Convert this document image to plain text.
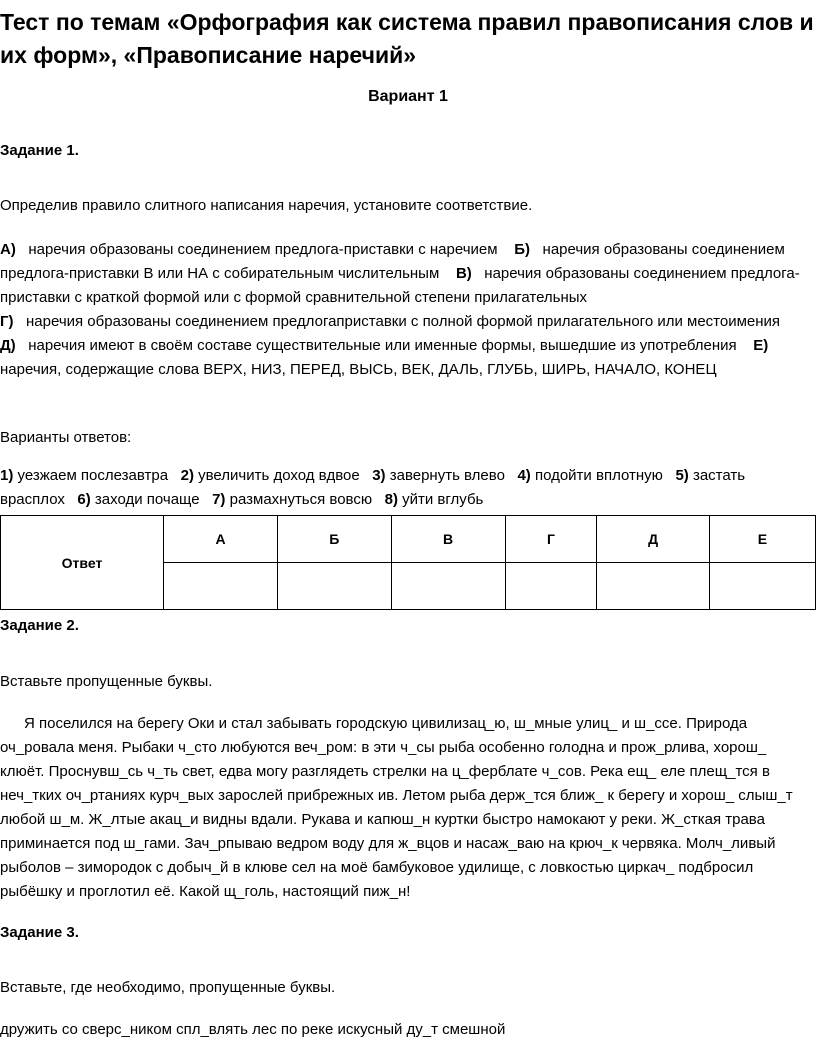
Тест по темам «Орфография как система правил правописания слов и их форм», «Правописание наречий»
Вариант 1
Задание 1.

Определив правило слитного написания наречия, установите соответствие.

А) наречия образованы соединением предлога-приставки с наречием Б) наречия образованы соединением предлога-приставки В или НА с собирательным числительным В) наречия образованы соединением предлога-приставки с краткой формой или с формой сравнительной степени прилагательных
Г) наречия образованы соединением предлогаприставки с полной формой прилагательного или местоимения    Д) наречия имеют в своём составе существительные или именные формы, вышедшие из употребления Е)   наречия, содержащие слова ВЕРХ, НИЗ, ПЕРЕД, ВЫСЬ, ВЕК, ДАЛЬ, ГЛУБЬ, ШИРЬ, НАЧАЛО, КОНЕЦ

Варианты ответов:

1) уезжаем послезавтра 2) увеличить доход вдвое 3) завернуть влево 4) подойти вплотную 5) застать врасплох 6) заходи почаще 7) размахнуться вовсю 8) уйти вглубь

Ответ	А	Б	В	Г	Д	Е

Задание 2.

Вставьте пропущенные буквы.

Я поселился на берегу Оки и стал забывать городскую цивилизац_ю, ш_мные улиц_ и ш_ссе. Природа оч_ровала меня. Рыбаки ч_сто любуются веч_ром: в эти ч_сы рыба особенно голодна и прож_рлива, хорош_ клюёт. Проснувш_сь ч_ть свет, едва могу разглядеть стрелки на ц_ферблате ч_сов. Река ещ_ еле плещ_тся в неч_тких оч_ртаниях курч_вых зарослей прибрежных ив. Летом рыба держ_тся ближ_ к берегу и хорош_ слыш_т любой ш_м. Ж_лтые акац_и видны вдали. Рукава и капюш_н куртки быстро намокают у реки. Ж_сткая трава приминается под ш_гами. Зач_рпываю ведром воду для ж_вцов и насаж_ваю на крюч_к червяка. Молч_ливый рыболов – зимородок с добыч_й в клюве сел на моё бамбуковое удилище, с ловкостью циркач_ подбросил рыбёшку и проглотил её. Какой щ_голь, настоящий пиж_н!

Задание 3.

Вставьте, где необходимо, пропущенные буквы.

дружить со сверс_ником спл_влять лес по реке искусный ду_т смешной
